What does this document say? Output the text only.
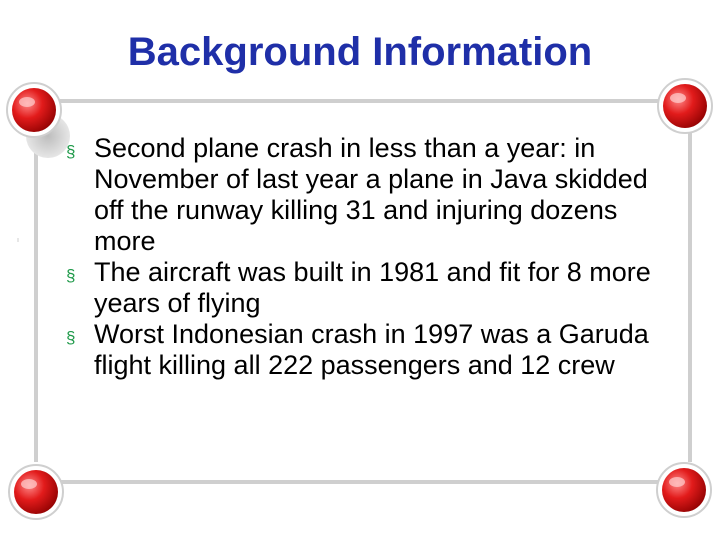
Background Information
§ Second plane crash in less than a year: in November of last year a plane in Java skidded off the runway killing 31 and injuring dozens more
§ The aircraft was built in 1981 and fit for 8 more years of flying
§ Worst Indonesian crash in 1997 was a Garuda flight killing all 222 passengers and 12 crew
